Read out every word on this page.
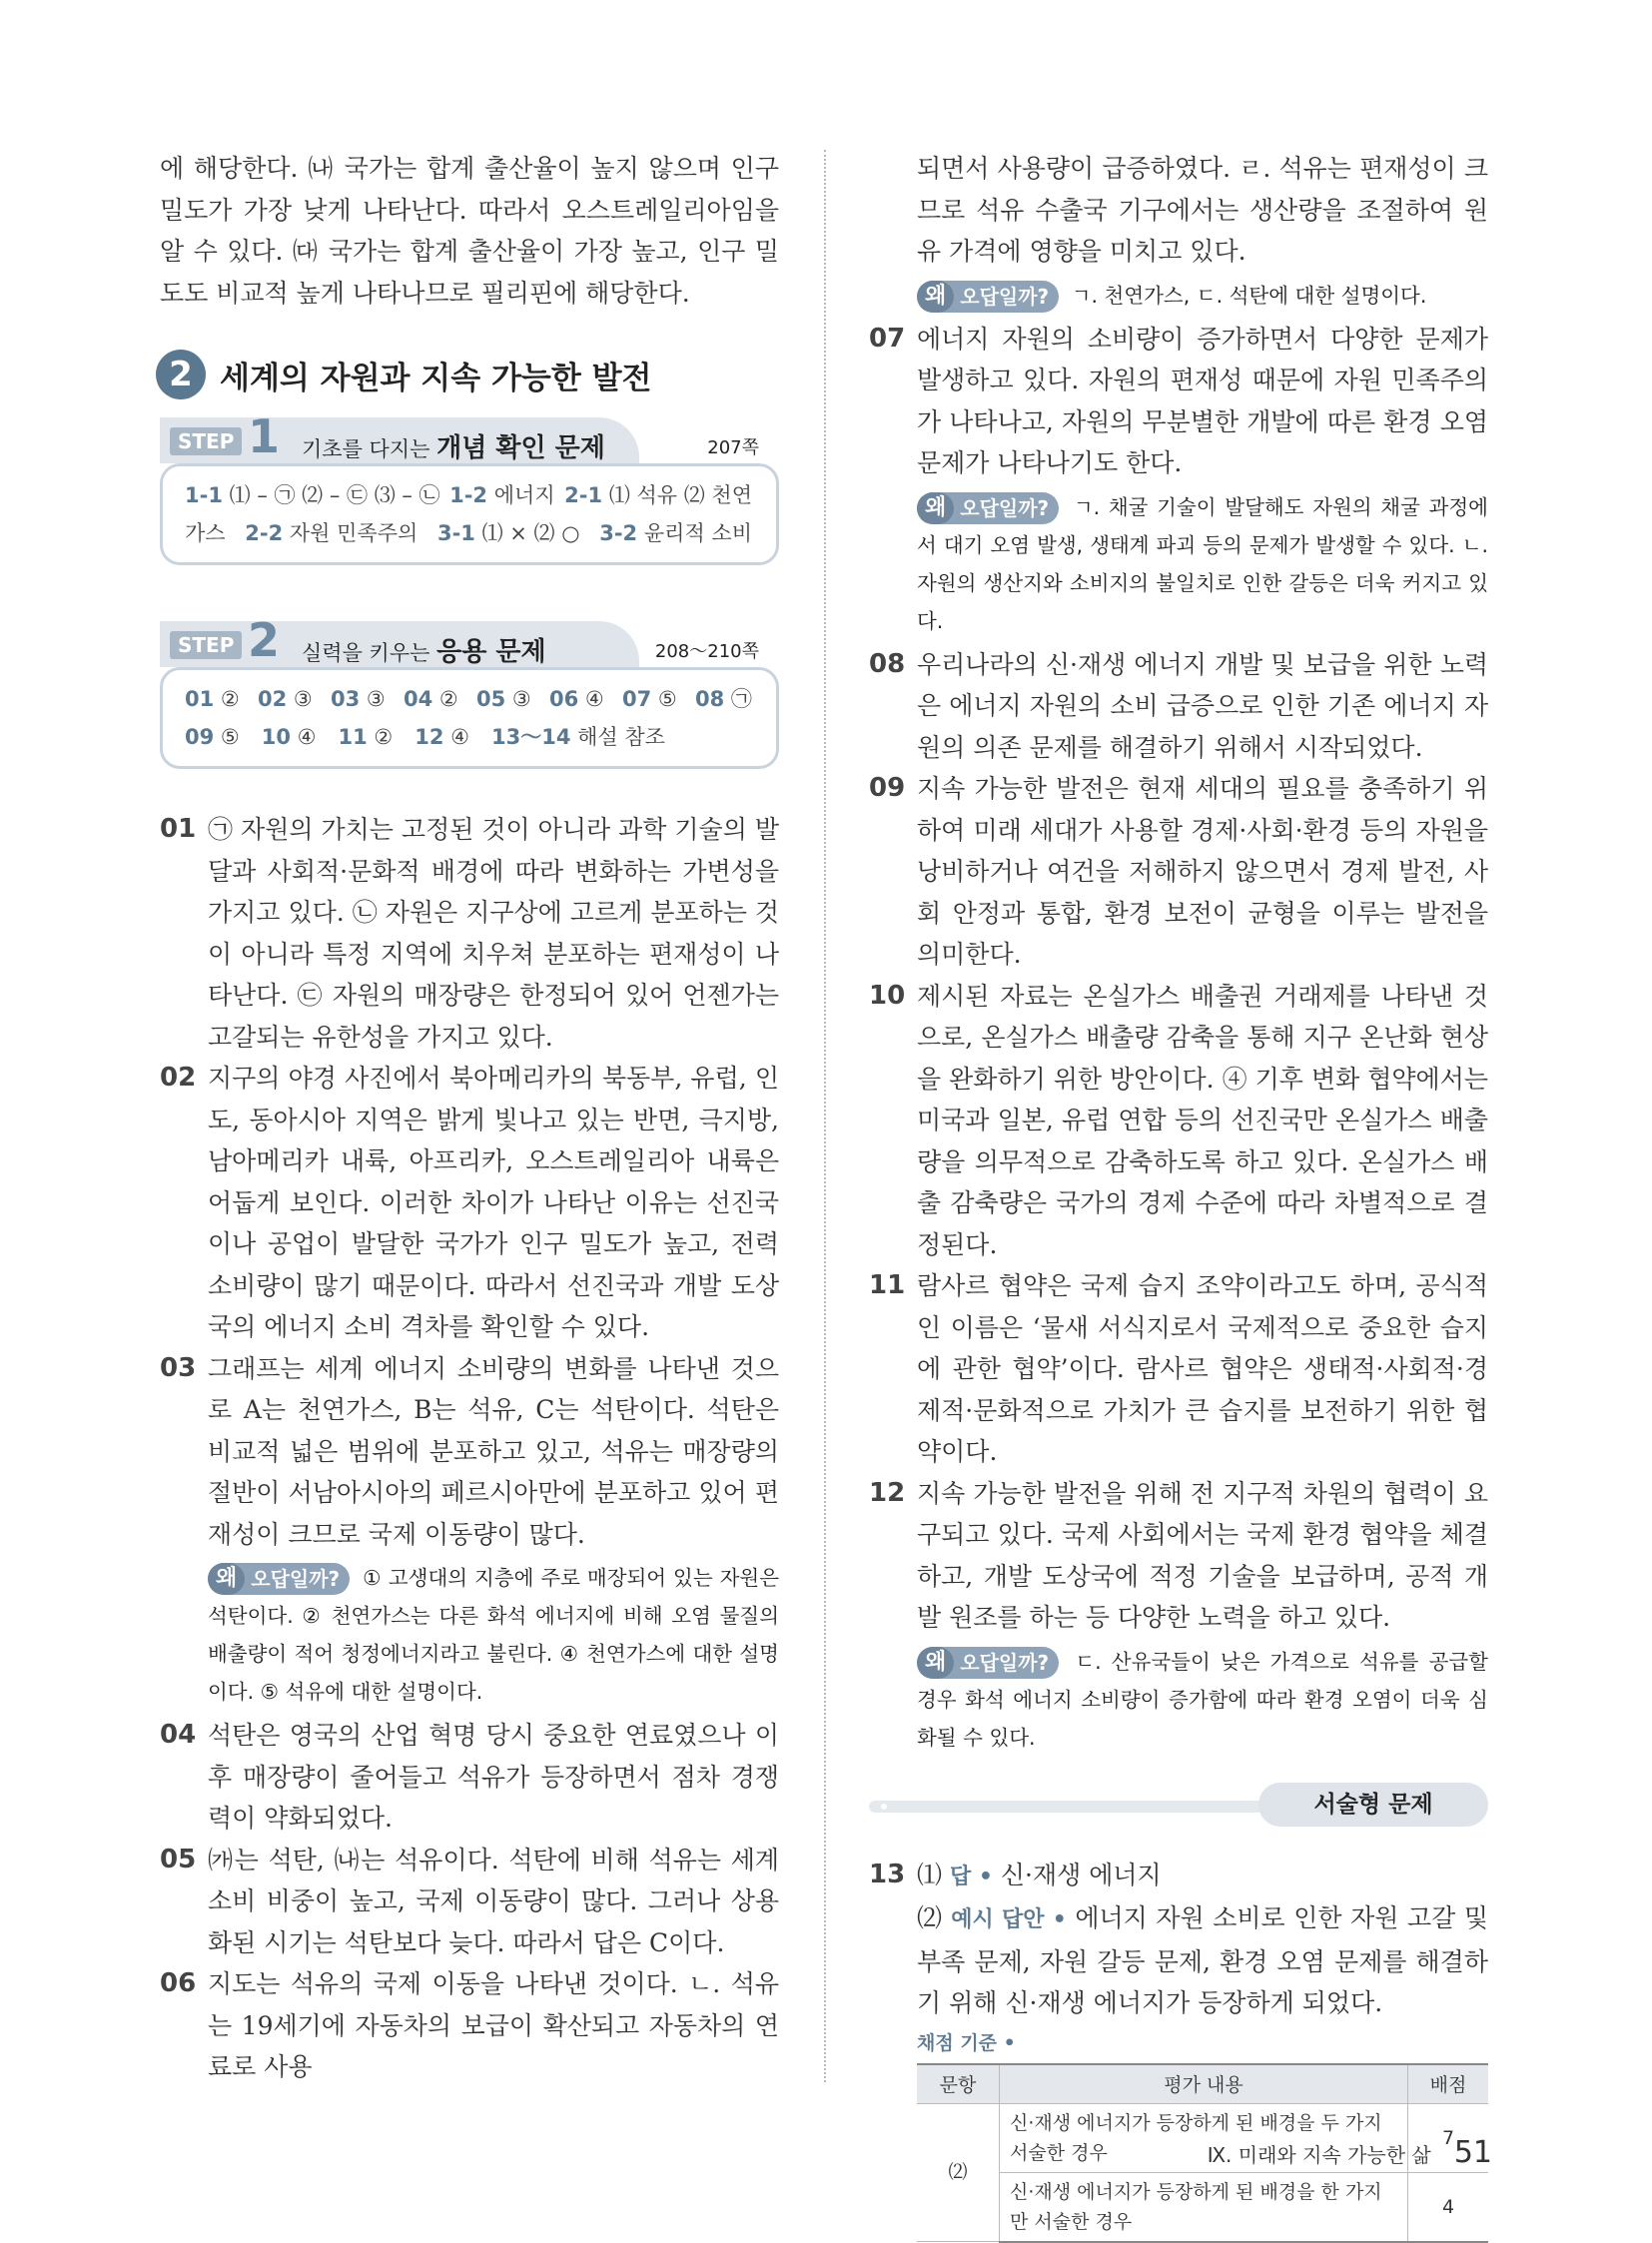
에 해당한다. ㈏ 국가는 합계 출산율이 높지 않으며 인구 밀도가 가장 낮게 나타난다. 따라서 오스트레일리아임을 알 수 있다. ㈐ 국가는 합계 출산율이 가장 높고, 인구 밀도도 비교적 높게 나타나므로 필리핀에 해당한다.

2 세계의 자원과 지속 가능한 발전
STEP 1 기초를 다지는 개념 확인 문제	207쪽
1-1 ⑴ – ㉠ ⑵ – ㉢ ⑶ – ㉡ 1-2 에너지 2-1 ⑴ 석유 ⑵ 천연
가스 2-2 자원 민족주의 3-1 ⑴ × ⑵ ○ 3-2 윤리적 소비
STEP 2 실력을 키우는 응용 문제	208～210쪽
01 ② 02 ③ 03 ③ 04 ② 05 ③ 06 ④ 07 ⑤ 08 ㉠
09 ⑤ 10 ④ 11 ② 12 ④ 13～14 해설 참조
01 ㉠ 자원의 가치는 고정된 것이 아니라 과학 기술의 발달과 사회적·문화적 배경에 따라 변화하는 가변성을 가지고 있다. ㉡ 자원은 지구상에 고르게 분포하는 것이 아니라 특정 지역에 치우쳐 분포하는 편재성이 나타난다. ㉢ 자원의 매장량은 한정되어 있어 언젠가는 고갈되는 유한성을 가지고 있다.
02 지구의 야경 사진에서 북아메리카의 북동부, 유럽, 인도, 동아시아 지역은 밝게 빛나고 있는 반면, 극지방, 남아메리카 내륙, 아프리카, 오스트레일리아 내륙은 어둡게 보인다. 이러한 차이가 나타난 이유는 선진국이나 공업이 발달한 국가가 인구 밀도가 높고, 전력 소비량이 많기 때문이다. 따라서 선진국과 개발 도상국의 에너지 소비 격차를 확인할 수 있다.
03 그래프는 세계 에너지 소비량의 변화를 나타낸 것으로 A는 천연가스, B는 석유, C는 석탄이다. 석탄은 비교적 넓은 범위에 분포하고 있고, 석유는 매장량의 절반이 서남아시아의 페르시아만에 분포하고 있어 편재성이 크므로 국제 이동량이 많다.
왜 오답일까? ① 고생대의 지층에 주로 매장되어 있는 자원은 석탄이다. ② 천연가스는 다른 화석 에너지에 비해 오염 물질의 배출량이 적어 청정에너지라고 불린다. ④ 천연가스에 대한 설명이다. ⑤ 석유에 대한 설명이다.
04 석탄은 영국의 산업 혁명 당시 중요한 연료였으나 이후 매장량이 줄어들고 석유가 등장하면서 점차 경쟁력이 약화되었다.
05 ㈎는 석탄, ㈏는 석유이다. 석탄에 비해 석유는 세계 소비 비중이 높고, 국제 이동량이 많다. 그러나 상용화된 시기는 석탄보다 늦다. 따라서 답은 C이다.
06 지도는 석유의 국제 이동을 나타낸 것이다. ㄴ. 석유는 19세기에 자동차의 보급이 확산되고 자동차의 연료로 사용
되면서 사용량이 급증하였다. ㄹ. 석유는 편재성이 크므로 석유 수출국 기구에서는 생산량을 조절하여 원유 가격에 영향을 미치고 있다.
왜 오답일까? ㄱ. 천연가스, ㄷ. 석탄에 대한 설명이다.
07 에너지 자원의 소비량이 증가하면서 다양한 문제가 발생하고 있다. 자원의 편재성 때문에 자원 민족주의가 나타나고, 자원의 무분별한 개발에 따른 환경 오염 문제가 나타나기도 한다.
왜 오답일까? ㄱ. 채굴 기술이 발달해도 자원의 채굴 과정에서 대기 오염 발생, 생태계 파괴 등의 문제가 발생할 수 있다. ㄴ. 자원의 생산지와 소비지의 불일치로 인한 갈등은 더욱 커지고 있다.
08 우리나라의 신·재생 에너지 개발 및 보급을 위한 노력은 에너지 자원의 소비 급증으로 인한 기존 에너지 자원의 의존 문제를 해결하기 위해서 시작되었다.
09 지속 가능한 발전은 현재 세대의 필요를 충족하기 위하여 미래 세대가 사용할 경제·사회·환경 등의 자원을 낭비하거나 여건을 저해하지 않으면서 경제 발전, 사회 안정과 통합, 환경 보전이 균형을 이루는 발전을 의미한다.
10 제시된 자료는 온실가스 배출권 거래제를 나타낸 것으로, 온실가스 배출량 감축을 통해 지구 온난화 현상을 완화하기 위한 방안이다. ④ 기후 변화 협약에서는 미국과 일본, 유럽 연합 등의 선진국만 온실가스 배출량을 의무적으로 감축하도록 하고 있다. 온실가스 배출 감축량은 국가의 경제 수준에 따라 차별적으로 결정된다.
11 람사르 협약은 국제 습지 조약이라고도 하며, 공식적인 이름은 ‘물새 서식지로서 국제적으로 중요한 습지에 관한 협약’이다. 람사르 협약은 생태적·사회적·경제적·문화적으로 가치가 큰 습지를 보전하기 위한 협약이다.
12 지속 가능한 발전을 위해 전 지구적 차원의 협력이 요구되고 있다. 국제 사회에서는 국제 환경 협약을 체결하고, 개발 도상국에 적정 기술을 보급하며, 공적 개발 원조를 하는 등 다양한 노력을 하고 있다.
왜 오답일까? ㄷ. 산유국들이 낮은 가격으로 석유를 공급할 경우 화석 에너지 소비량이 증가함에 따라 환경 오염이 더욱 심화될 수 있다.
서술형 문제
13 ⑴ 답 • 신·재생 에너지
⑵ 예시 답안 • 에너지 자원 소비로 인한 자원 고갈 및 부족 문제, 자원 갈등 문제, 환경 오염 문제를 해결하기 위해 신·재생 에너지가 등장하게 되었다.
채점 기준 •
문항	평가 내용	배점
⑵	신·재생 에너지가 등장하게 된 배경을 두 가지 서술한 경우	7
	신·재생 에너지가 등장하게 된 배경을 한 가지만 서술한 경우	4
Ⅸ. 미래와 지속 가능한 삶 51
